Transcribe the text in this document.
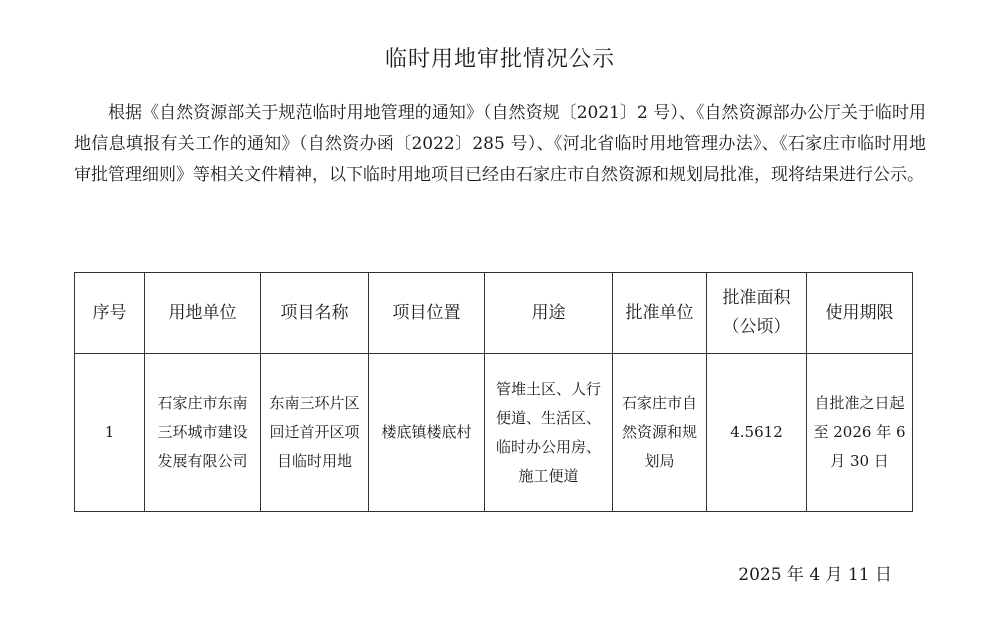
临时用地审批情况公示

根据《自然资源部关于规范临时用地管理的通知》（自然资规〔2021〕2 号）、《自然资源部办公厅关于临时用地信息填报有关工作的通知》（自然资办函〔2022〕285 号）、《河北省临时用地管理办法》、《石家庄市临时用地审批管理细则》等相关文件精神，以下临时用地项目已经由石家庄市自然资源和规划局批准，现将结果进行公示。

序号	用地单位	项目名称	项目位置	用途	批准单位	批准面积（公顷）	使用期限
1	石家庄市东南三环城市建设发展有限公司	东南三环片区回迁首开区项目临时用地	楼底镇楼底村	管堆土区、人行便道、生活区、临时办公用房、施工便道	石家庄市自然资源和规划局	4.5612	自批准之日起至 2026 年 6 月 30 日
2025 年 4 月 11 日
